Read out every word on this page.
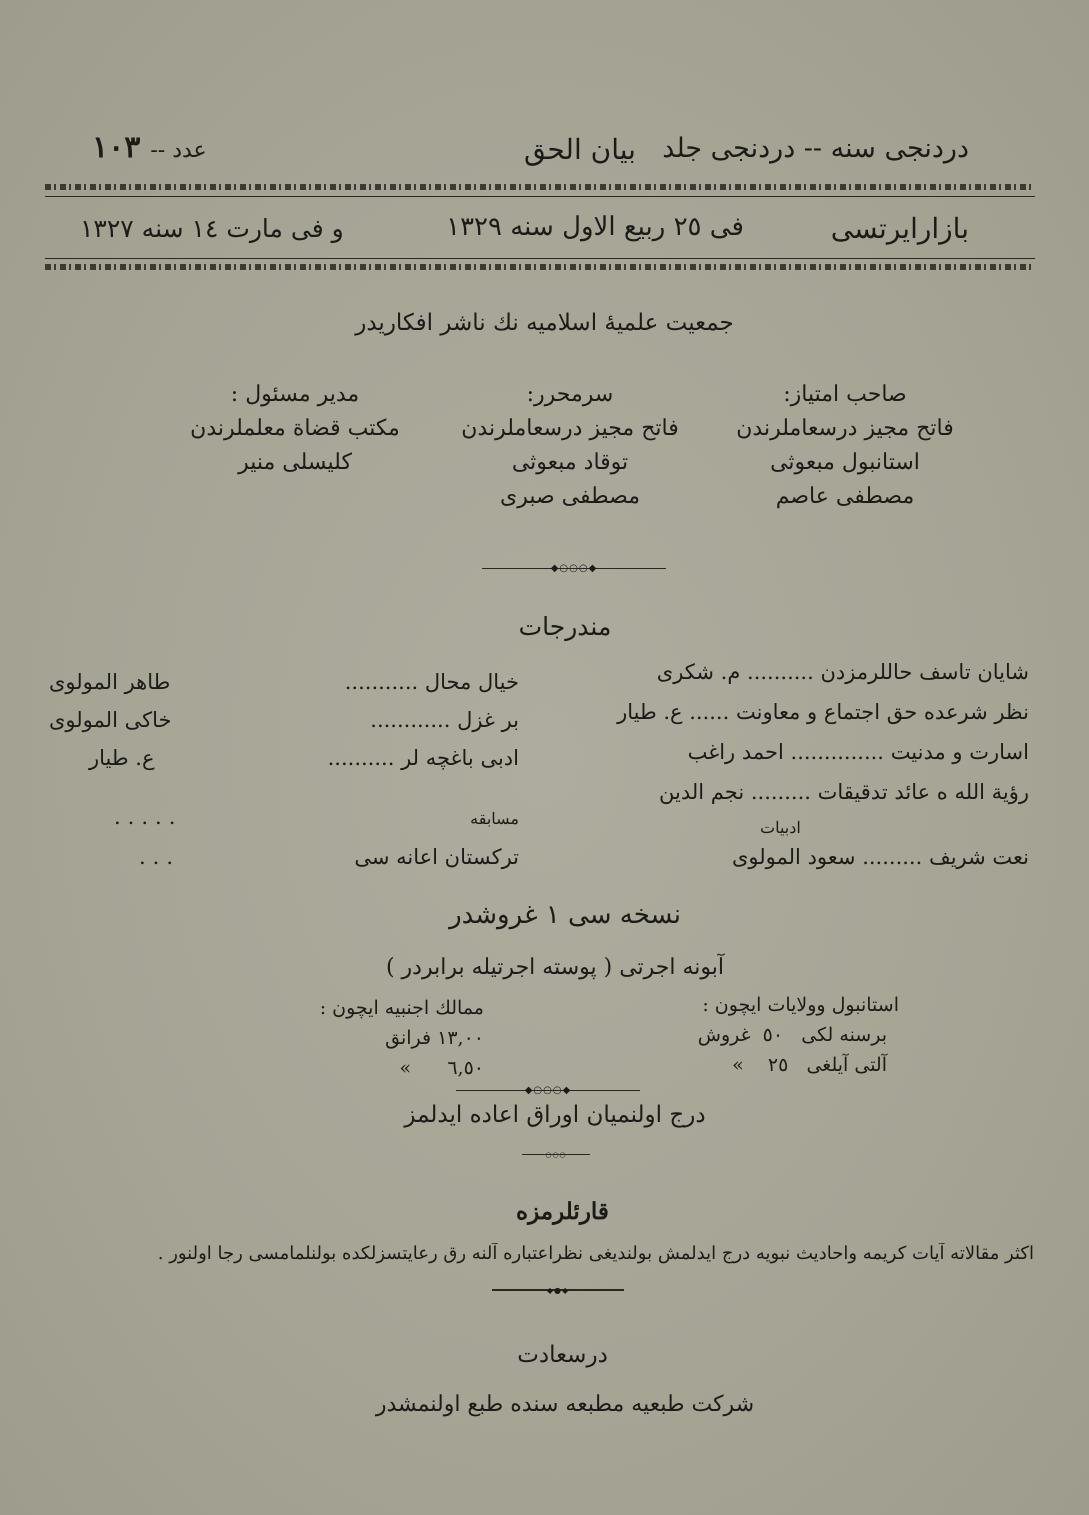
دردنجی سنه -- دردنجی جلد
بيان الحق
عدد --
١٠٣
بازارایرتسی
فی ٢٥ ربیع الاول سنه ١٣٢٩
و فی مارت ١٤ سنه ١٣٢٧
جمعیت علمیهٔ اسلامیه نك ناشر افكاریدر
صاحب امتیاز:
فاتح مجیز درسعاملرندن
استانبول مبعوثی
مصطفی عاصم
سرمحرر:
فاتح مجیز درسعاملرندن
توقاد مبعوثی
مصطفی صبری
مدیر مسئول :
مكتب قضاة معلملرندن
كلیسلی منیر
◆○○○◆
مندرجات
شایان تاسف حاللرمزدن .......... م. شكری
نظر شرعده حق اجتماع و معاونت ...... ع. طیار
اسارت و مدنیت .............. احمد راغب
رؤیة الله ه عائد تدقیقات ......... نجم الدین
ادبیات
نعت شریف ......... سعود المولوی
خیال محال ...........
طاهر المولوی
بر غزل ............
خاكی المولوی
ادبی باغچه لر ..........
ع. طیار
مسابقه
.....
تركستان اعانه سی
...
نسخه سی ١ غروشدر
آبونه اجرتی ( پوسته اجرتیله برابردر )
استانبول وولایات ایچون :
برسنه لكی   ٥٠  غروش
آلتی آیلغی   ٢٥    »
ممالك اجنبیه ایچون :
١٣,٠٠ فرانق
٦,٥٠      »
◆○○○◆
درج اولنمیان اوراق اعاده ایدلمز
○○○
قارئلرمزه
اكثر مقالاته آیات كریمه واحادیث نبویه درج ایدلمش بولندیغی نظراعتباره آلنه رق رعایتسزلكده بولنلمامسی رجا اولنور .
◆●◆
درسعادت
شركت طبعیه مطبعه سنده طبع اولنمشدر
